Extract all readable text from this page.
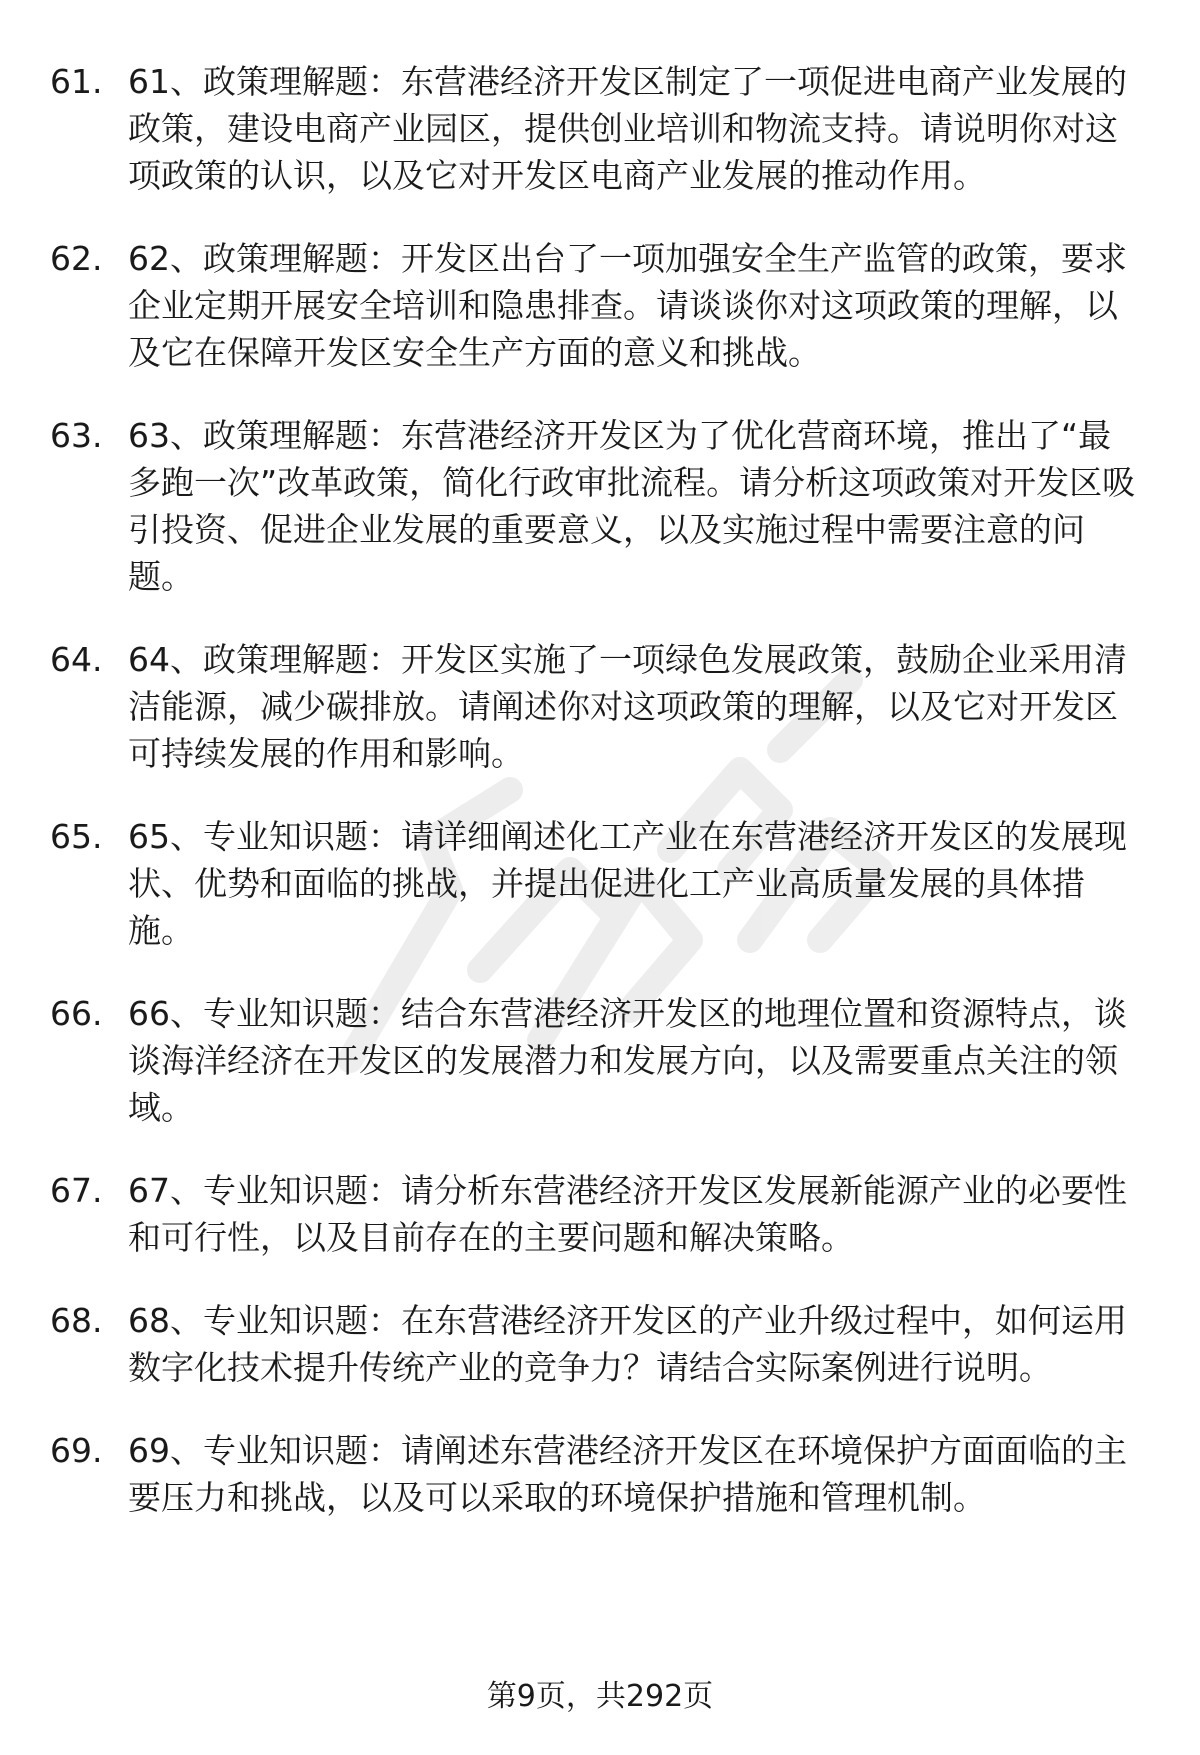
61. 61、政策理解题：东营港经济开发区制定了一项促进电商产业发展的政策，建设电商产业园区，提供创业培训和物流支持。请说明你对这项政策的认识，以及它对开发区电商产业发展的推动作用。
62. 62、政策理解题：开发区出台了一项加强安全生产监管的政策，要求企业定期开展安全培训和隐患排查。请谈谈你对这项政策的理解，以及它在保障开发区安全生产方面的意义和挑战。
63. 63、政策理解题：东营港经济开发区为了优化营商环境，推出了“最多跑一次”改革政策，简化行政审批流程。请分析这项政策对开发区吸引投资、促进企业发展的重要意义，以及实施过程中需要注意的问题。
64. 64、政策理解题：开发区实施了一项绿色发展政策，鼓励企业采用清洁能源，减少碳排放。请阐述你对这项政策的理解，以及它对开发区可持续发展的作用和影响。
65. 65、专业知识题：请详细阐述化工产业在东营港经济开发区的发展现状、优势和面临的挑战，并提出促进化工产业高质量发展的具体措施。
66. 66、专业知识题：结合东营港经济开发区的地理位置和资源特点，谈谈海洋经济在开发区的发展潜力和发展方向，以及需要重点关注的领域。
67. 67、专业知识题：请分析东营港经济开发区发展新能源产业的必要性和可行性，以及目前存在的主要问题和解决策略。
68. 68、专业知识题：在东营港经济开发区的产业升级过程中，如何运用数字化技术提升传统产业的竞争力？请结合实际案例进行说明。
69. 69、专业知识题：请阐述东营港经济开发区在环境保护方面面临的主要压力和挑战，以及可以采取的环境保护措施和管理机制。
第9页，共292页
